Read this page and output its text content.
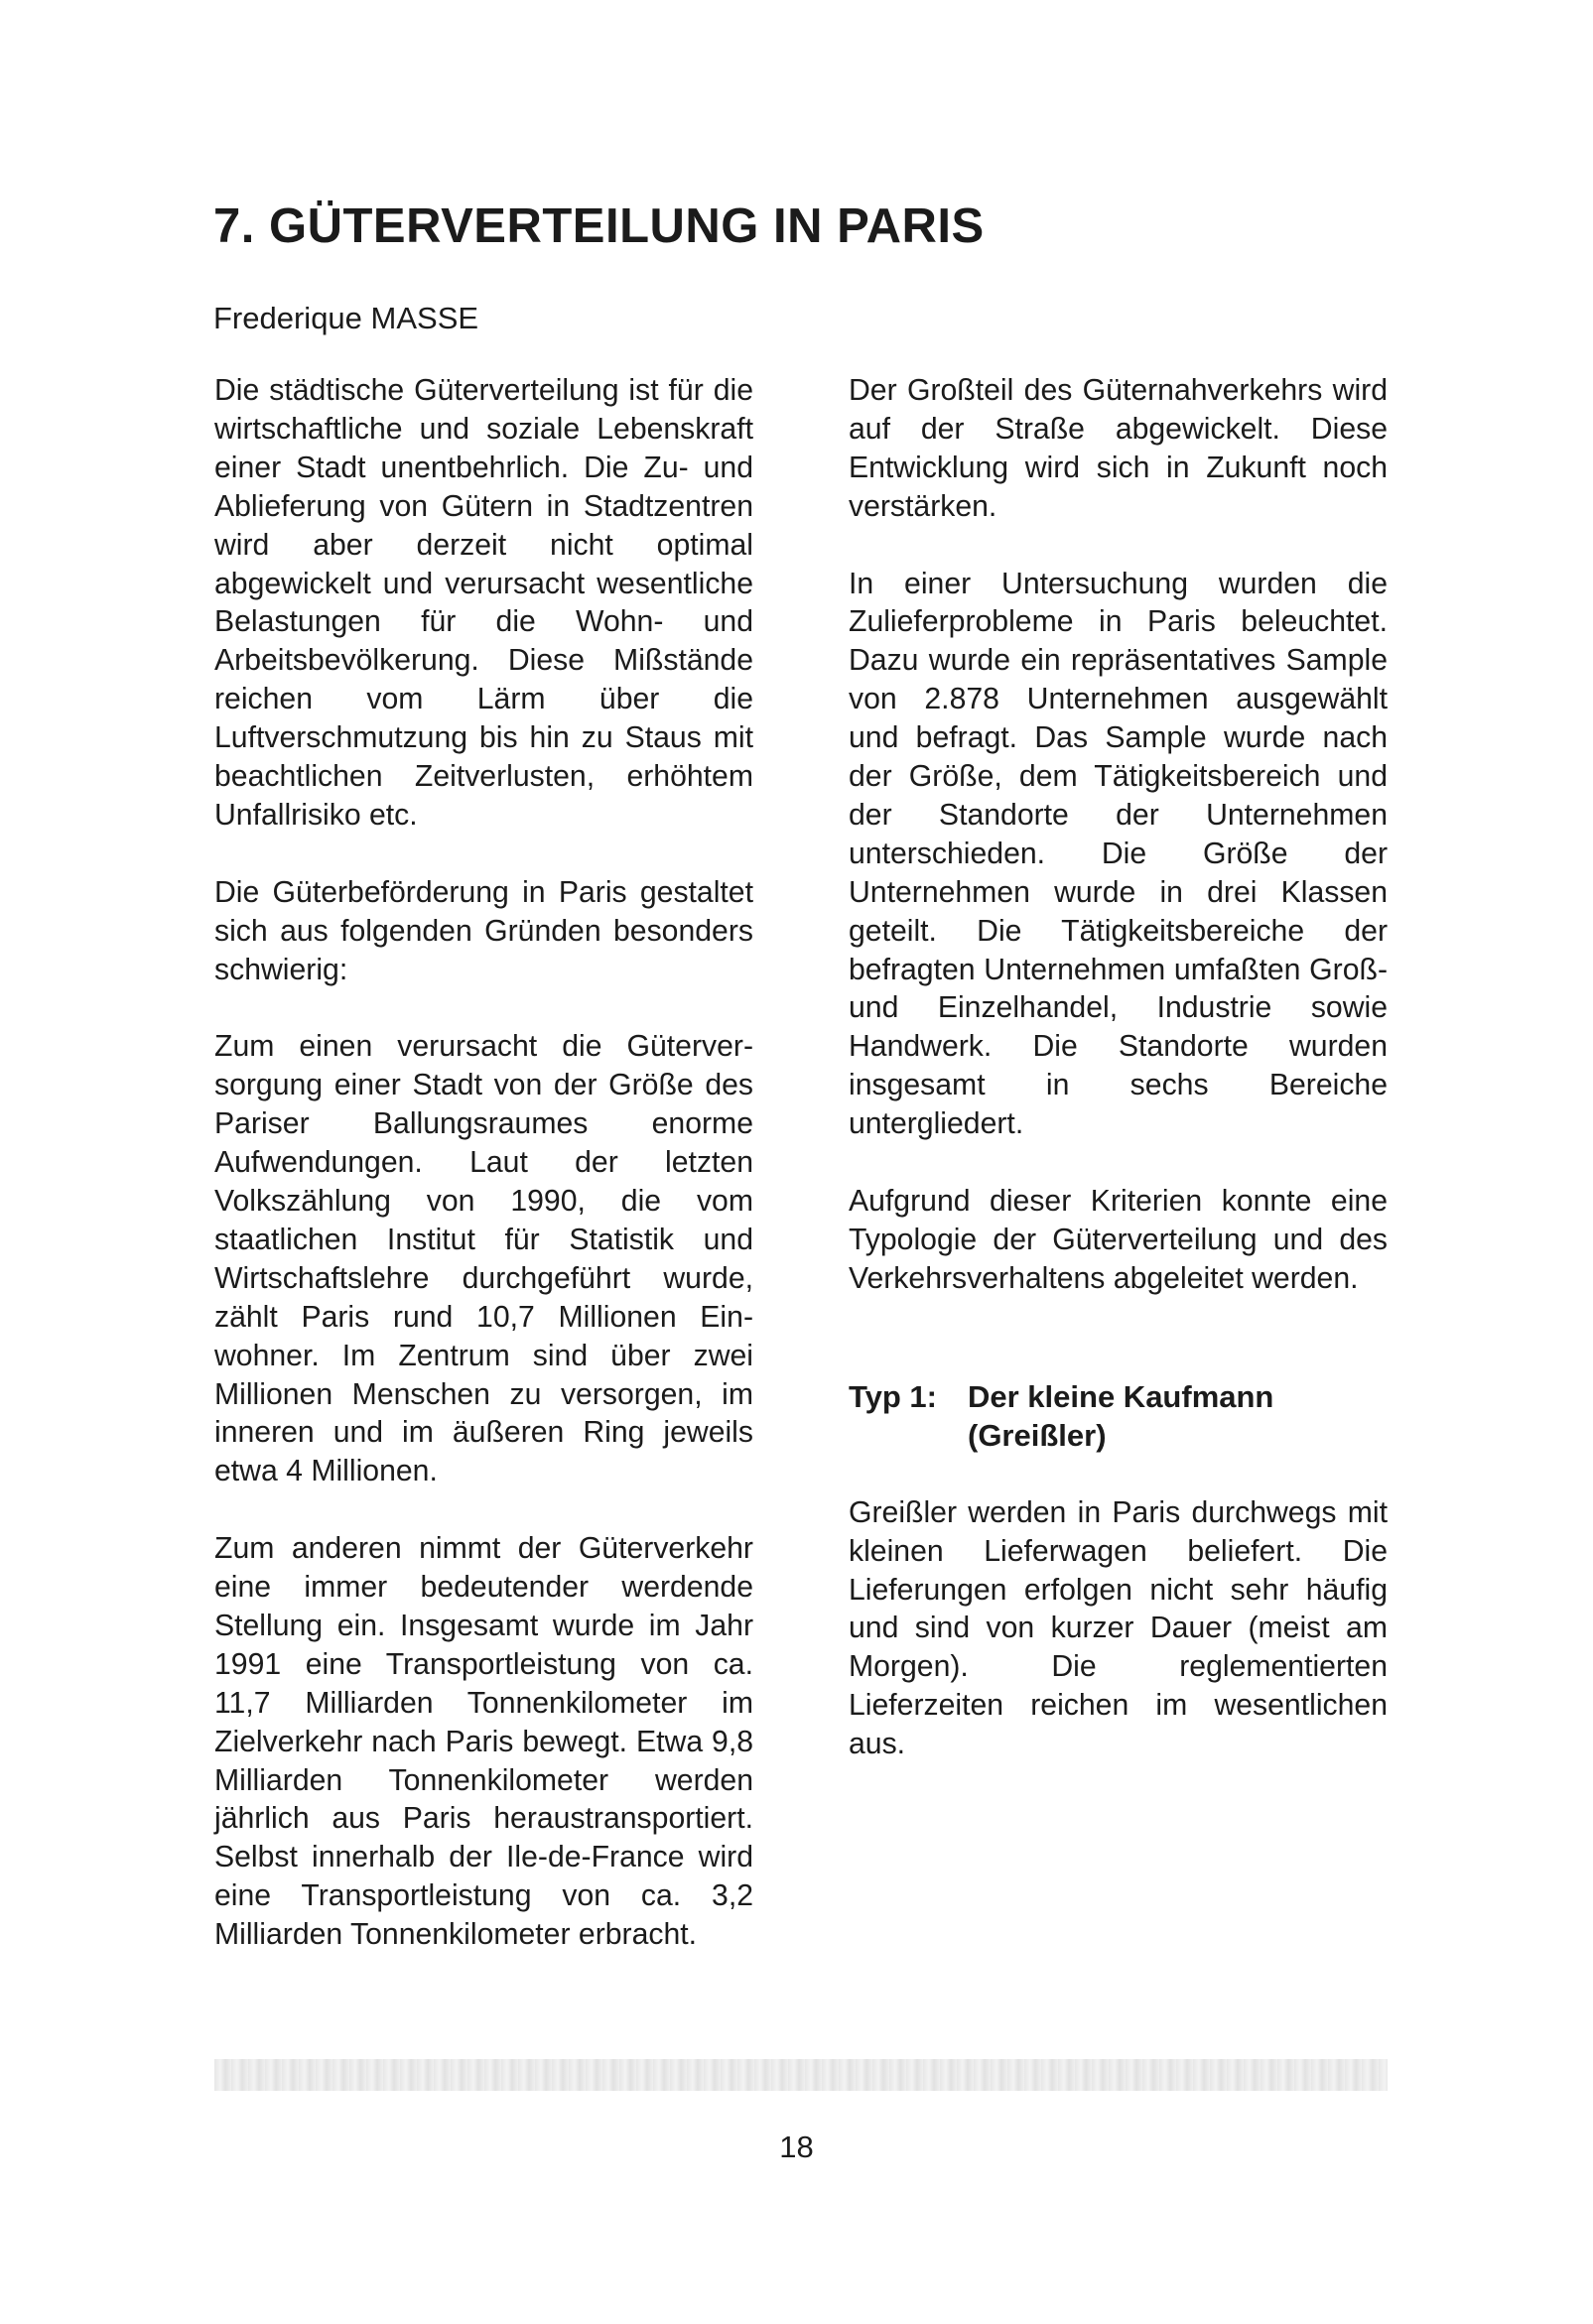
7. GÜTERVERTEILUNG IN PARIS

Frederique MASSE

Die städtische Güterverteilung ist für die wirtschaftliche und soziale Lebenskraft einer Stadt unentbehrlich. Die Zu- und Ablieferung von Gütern in Stadtzentren wird aber derzeit nicht optimal abgewickelt und verursacht wesentliche Belastungen für die Wohn- und Arbeitsbevölkerung. Diese Mißstände reichen vom Lärm über die Luftverschmutzung bis hin zu Staus mit beachtlichen Zeitverlusten, erhöhtem Unfallrisiko etc.

Die Güterbeförderung in Paris gestaltet sich aus folgenden Gründen besonders schwierig:

Zum einen verursacht die Güterversorgung einer Stadt von der Größe des Pariser Ballungsraumes enorme Aufwendungen. Laut der letzten Volkszählung von 1990, die vom staatlichen Institut für Statistik und Wirtschaftslehre durchgeführt wurde, zählt Paris rund 10,7 Millionen Einwohner. Im Zentrum sind über zwei Millionen Menschen zu versorgen, im inneren und im äußeren Ring jeweils etwa 4 Millionen.

Zum anderen nimmt der Güterverkehr eine immer bedeutender werdende Stellung ein. Insgesamt wurde im Jahr 1991 eine Transportleistung von ca. 11,7 Milliarden Tonnenkilometer im Zielverkehr nach Paris bewegt. Etwa 9,8 Milliarden Tonnenkilometer werden jährlich aus Paris heraustransportiert. Selbst innerhalb der Ile-de-France wird eine Transportleistung von ca. 3,2 Milliarden Tonnenkilometer erbracht.

Der Großteil des Güternahverkehrs wird auf der Straße abgewickelt. Diese Entwicklung wird sich in Zukunft noch verstärken.

In einer Untersuchung wurden die Zulieferprobleme in Paris beleuchtet. Dazu wurde ein repräsentatives Sample von 2.878 Unternehmen ausgewählt und befragt. Das Sample wurde nach der Größe, dem Tätigkeitsbereich und der Standorte der Unternehmen unterschieden. Die Größe der Unternehmen wurde in drei Klassen geteilt. Die Tätigkeitsbereiche der befragten Unternehmen umfaßten Groß- und Einzelhandel, Industrie sowie Handwerk. Die Standorte wurden insgesamt in sechs Bereiche untergliedert.

Aufgrund dieser Kriterien konnte eine Typologie der Güterverteilung und des Verkehrsverhaltens abgeleitet werden.

Typ 1:	Der kleine Kaufmann
(Greißler)

Greißler werden in Paris durchwegs mit kleinen Lieferwagen beliefert. Die Lieferungen erfolgen nicht sehr häufig und sind von kurzer Dauer (meist am Morgen). Die reglementierten Lieferzeiten reichen im wesentlichen aus.

18
